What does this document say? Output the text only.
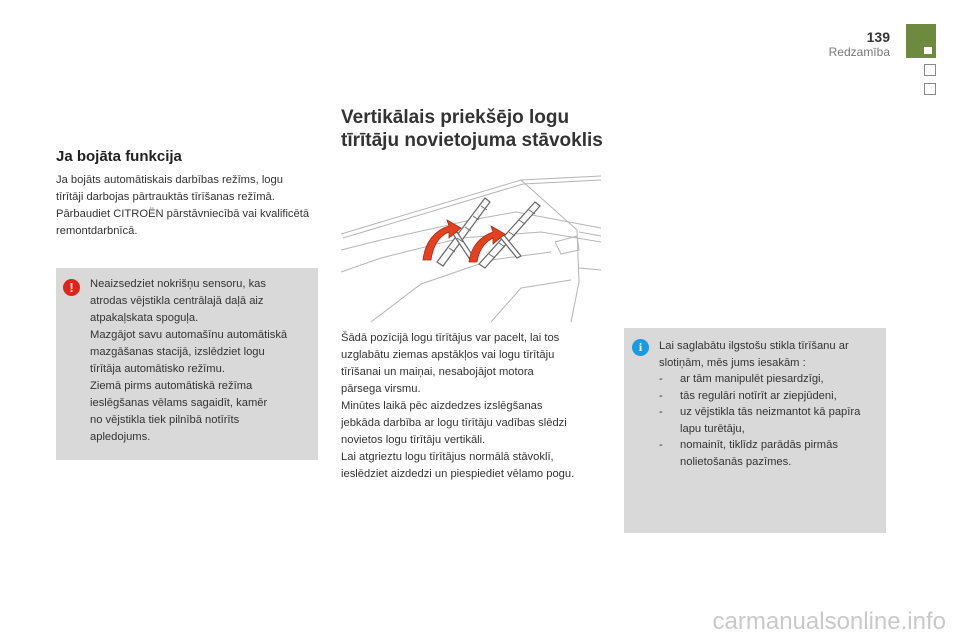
139
Redzamība
Ja bojāta funkcija

Ja bojāts automātiskais darbības režīms, logu tīrītāji darbojas pārtrauktās tīrīšanas režīmā. Pārbaudiet CITROËN pārstāvniecībā vai kvalificētā remontdarbnīcā.

!	Neaizsedziet nokrišņu sensoru, kas
atrodas vējstikla centrālajā daļā aiz
atpakaļskata spoguļa.
Mazgājot savu automašīnu automātiskā
mazgāšanas stacijā, izslēdziet logu
tīrītāja automātisko režīmu.
Ziemā pirms automātiskā režīma
ieslēgšanas vēlams sagaidīt, kamēr
no vējstikla tiek pilnībā notīrīts
apledojums.

Vertikālais priekšējo logu
tīrītāju novietojuma stāvoklis

Šādā pozīcijā logu tīrītājus var pacelt, lai tos
uzglabātu ziemas apstākļos vai logu tīrītāju
tīrīšanai un maiņai, nesabojājot motora
pārsega virsmu.
Minūtes laikā pēc aizdedzes izslēgšanas
jebkāda darbība ar logu tīrītāju vadības slēdzi
novietos logu tīrītāju vertikāli.
Lai atgrieztu logu tīrītājus normālā stāvoklī,
ieslēdziet aizdedzi un piespiediet vēlamo pogu.

i	Lai saglabātu ilgstošu stikla tīrīšanu ar
slotiņām, mēs jums iesakām :

- ar tām manipulēt piesardzīgi,
- tās regulāri notīrīt ar ziepjūdeni,
- uz vējstikla tās neizmantot kā papīra lapu turētāju,
- nomainīt, tiklīdz parādās pirmās nolietošanās pazīmes.
carmanualsonline.info
